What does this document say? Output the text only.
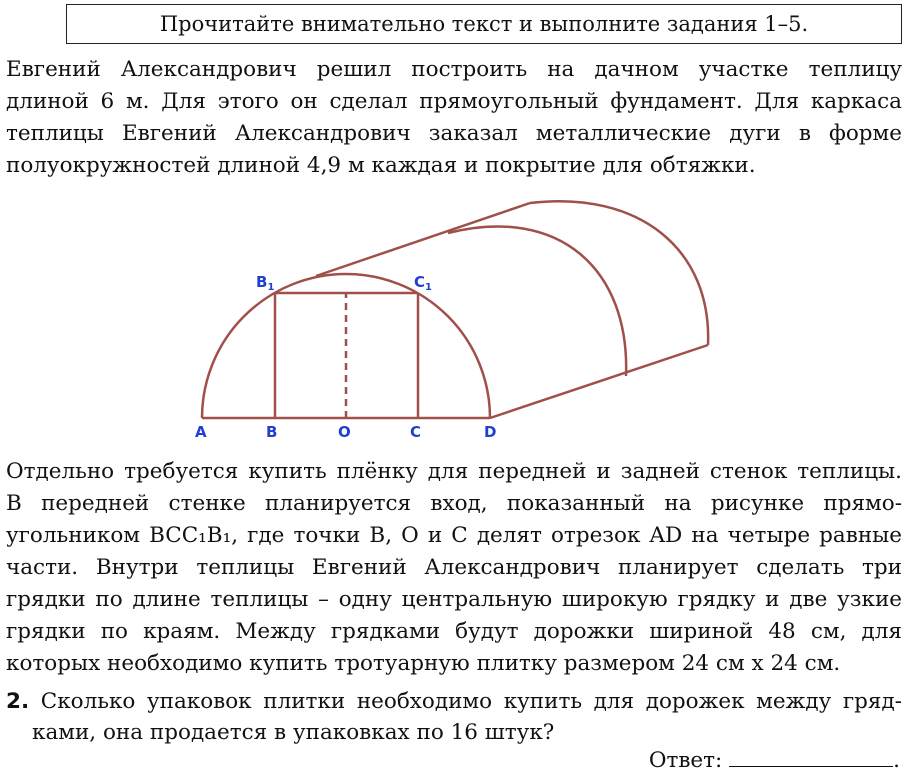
Прочитайте внимательно текст и выполните задания 1–5.
Евгений Александрович решил построить на дачном участке теплицу
длиной 6 м. Для этого он сделал прямоугольный фундамент. Для каркаса
теплицы Евгений Александрович заказал металлические дуги в форме
полуокружностей длиной 4,9 м каждая и покрытие для обтяжки.
A	B	O	C	D
$B_1$	$C_1$
Отдельно требуется купить плёнку для передней и задней стенок теплицы.
В передней стенке планируется вход, показанный на рисунке прямо-
угольником BCC₁B₁, где точки B, O и C делят отрезок AD на четыре равные
части. Внутри теплицы Евгений Александрович планирует сделать три
грядки по длине теплицы – одну центральную широкую грядку и две узкие
грядки по краям. Между грядками будут дорожки шириной 48 см, для
которых необходимо купить тротуарную плитку размером 24 см x 24 см.
2. Сколько упаковок плитки необходимо купить для дорожек между гряд-
ками, она продается в упаковках по 16 штук?
Ответ:	.
